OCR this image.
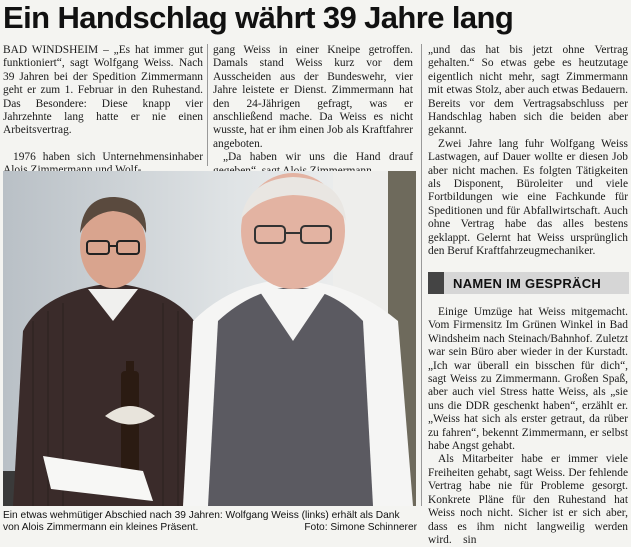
Ein Handschlag währt 39 Jahre lang

BAD WINDSHEIM – „Es hat immer gut funktioniert“, sagt Wolfgang Weiss. Nach 39 Jahren bei der Spedition Zimmermann geht er zum 1. Februar in den Ruhestand. Das Besondere: Diese knapp vier Jahrzehnte lang hatte er nie einen Arbeitsvertrag.

1976 haben sich Unternehmensinhaber

gang Weiss in einer Kneipe getroffen. Damals stand Weiss kurz vor dem Ausscheiden aus der Bundeswehr, vier Jahre leistete er Dienst. Zimmermann hat den 24-Jährigen gefragt, was er anschließend mache. Da Weiss es nicht wusste, hat er ihm einen Job als Kraftfahrer angeboten.

„Da haben wir uns die Hand drauf

Ein etwas wehmütiger Abschied nach 39 Jahren: Wolfgang Weiss (links) erhält als Dank
von Alois Zimmermann ein kleines Präsent.	Foto: Simone Schinnerer

„und das hat bis jetzt ohne Vertrag gehalten.“ So etwas gebe es heutzutage eigentlich nicht mehr, sagt Zimmermann mit etwas Stolz, aber auch etwas Bedauern. Bereits vor dem Vertragsabschluss per Handschlag haben sich die beiden aber gekannt.

Zwei Jahre lang fuhr Wolfgang Weiss Lastwagen, auf Dauer wollte er diesen Job aber nicht machen. Es folgten Tätigkeiten als Disponent, Büroleiter und viele Fortbildungen wie eine Fachkunde für Speditionen und für Abfallwirtschaft. Auch ohne Vertrag habe das alles bestens geklappt. Gelernt hat Weiss ursprünglich den Beruf Kraftfahrzeugmechaniker.

NAMEN IM GESPRÄCH

Einige Umzüge hat Weiss mitgemacht. Vom Firmensitz Im Grünen Winkel in Bad Windsheim nach Steinach/Bahnhof. Zuletzt war sein Büro aber wieder in der Kurstadt. „Ich war überall ein bisschen für dich“, sagt Weiss zu Zimmermann. Großen Spaß, aber auch viel Stress hatte Weiss, als „sie uns die DDR geschenkt haben“, erzählt er. „Weiss hat sich als erster getraut, da rüber zu fahren“, bekennt Zimmermann, er selbst habe Angst gehabt.

Als Mitarbeiter habe er immer viele Freiheiten gehabt, sagt Weiss. Der fehlende Vertrag habe nie für Probleme gesorgt. Konkrete Pläne für den Ruhestand hat Weiss noch nicht. Sicher ist er sich aber, dass es ihm nicht langweilig werden wird. sin
